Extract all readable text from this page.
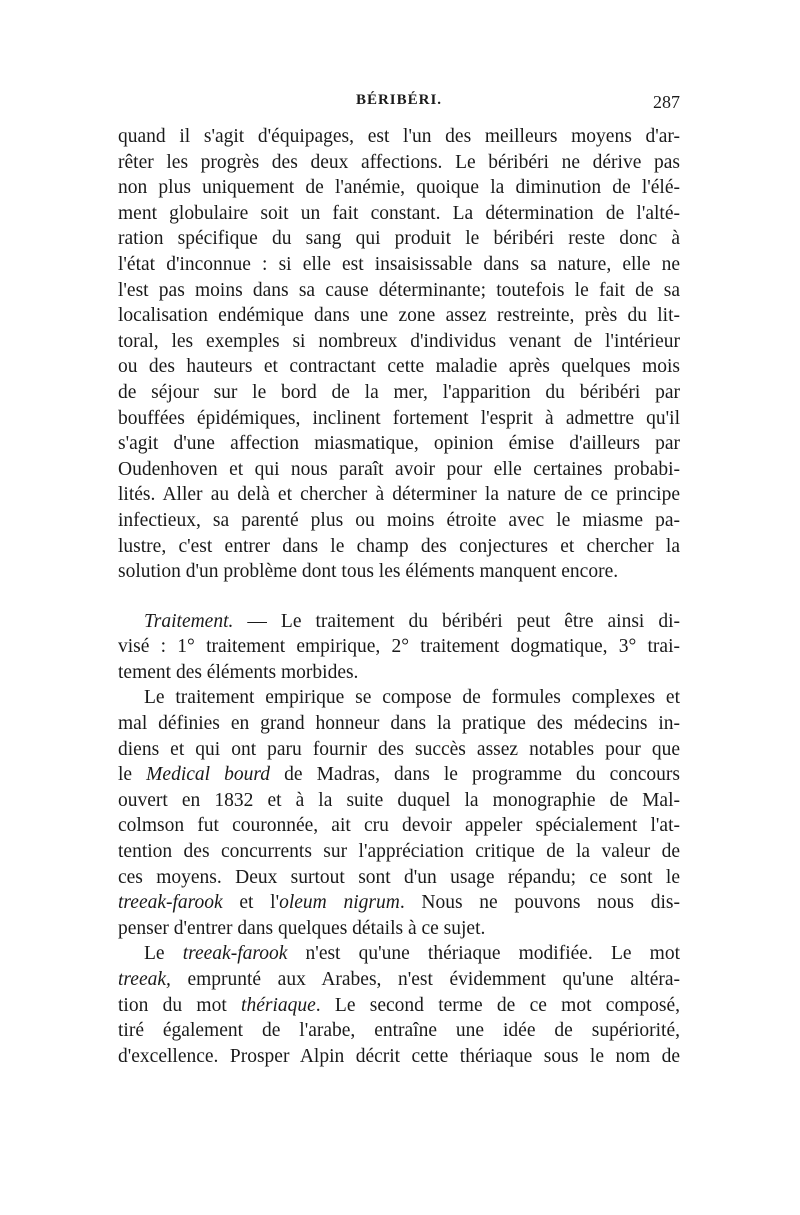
BÉRIBÉRI.	287
quand il s'agit d'équipages, est l'un des meilleurs moyens d'ar-
rêter les progrès des deux affections. Le béribéri ne dérive pas
non plus uniquement de l'anémie, quoique la diminution de l'élé-
ment globulaire soit un fait constant. La détermination de l'alté-
ration spécifique du sang qui produit le béribéri reste donc à
l'état d'inconnue : si elle est insaisissable dans sa nature, elle ne
l'est pas moins dans sa cause déterminante; toutefois le fait de sa
localisation endémique dans une zone assez restreinte, près du lit-
toral, les exemples si nombreux d'individus venant de l'intérieur
ou des hauteurs et contractant cette maladie après quelques mois
de séjour sur le bord de la mer, l'apparition du béribéri par
bouffées épidémiques, inclinent fortement l'esprit à admettre qu'il
s'agit d'une affection miasmatique, opinion émise d'ailleurs par
Oudenhoven et qui nous paraît avoir pour elle certaines probabi-
lités. Aller au delà et chercher à déterminer la nature de ce principe
infectieux, sa parenté plus ou moins étroite avec le miasme pa-
lustre, c'est entrer dans le champ des conjectures et chercher la
solution d'un problème dont tous les éléments manquent encore.
Traitement. — Le traitement du béribéri peut être ainsi di-
visé : 1° traitement empirique, 2° traitement dogmatique, 3° trai-
tement des éléments morbides.
Le traitement empirique se compose de formules complexes et
mal définies en grand honneur dans la pratique des médecins in-
diens et qui ont paru fournir des succès assez notables pour que
le Medical bourd de Madras, dans le programme du concours
ouvert en 1832 et à la suite duquel la monographie de Mal-
colmson fut couronnée, ait cru devoir appeler spécialement l'at-
tention des concurrents sur l'appréciation critique de la valeur de
ces moyens. Deux surtout sont d'un usage répandu; ce sont le
treeak-farook et l'oleum nigrum. Nous ne pouvons nous dis-
penser d'entrer dans quelques détails à ce sujet.
Le treeak-farook n'est qu'une thériaque modifiée. Le mot
treeak, emprunté aux Arabes, n'est évidemment qu'une altéra-
tion du mot thériaque. Le second terme de ce mot composé,
tiré également de l'arabe, entraîne une idée de supériorité,
d'excellence. Prosper Alpin décrit cette thériaque sous le nom de
